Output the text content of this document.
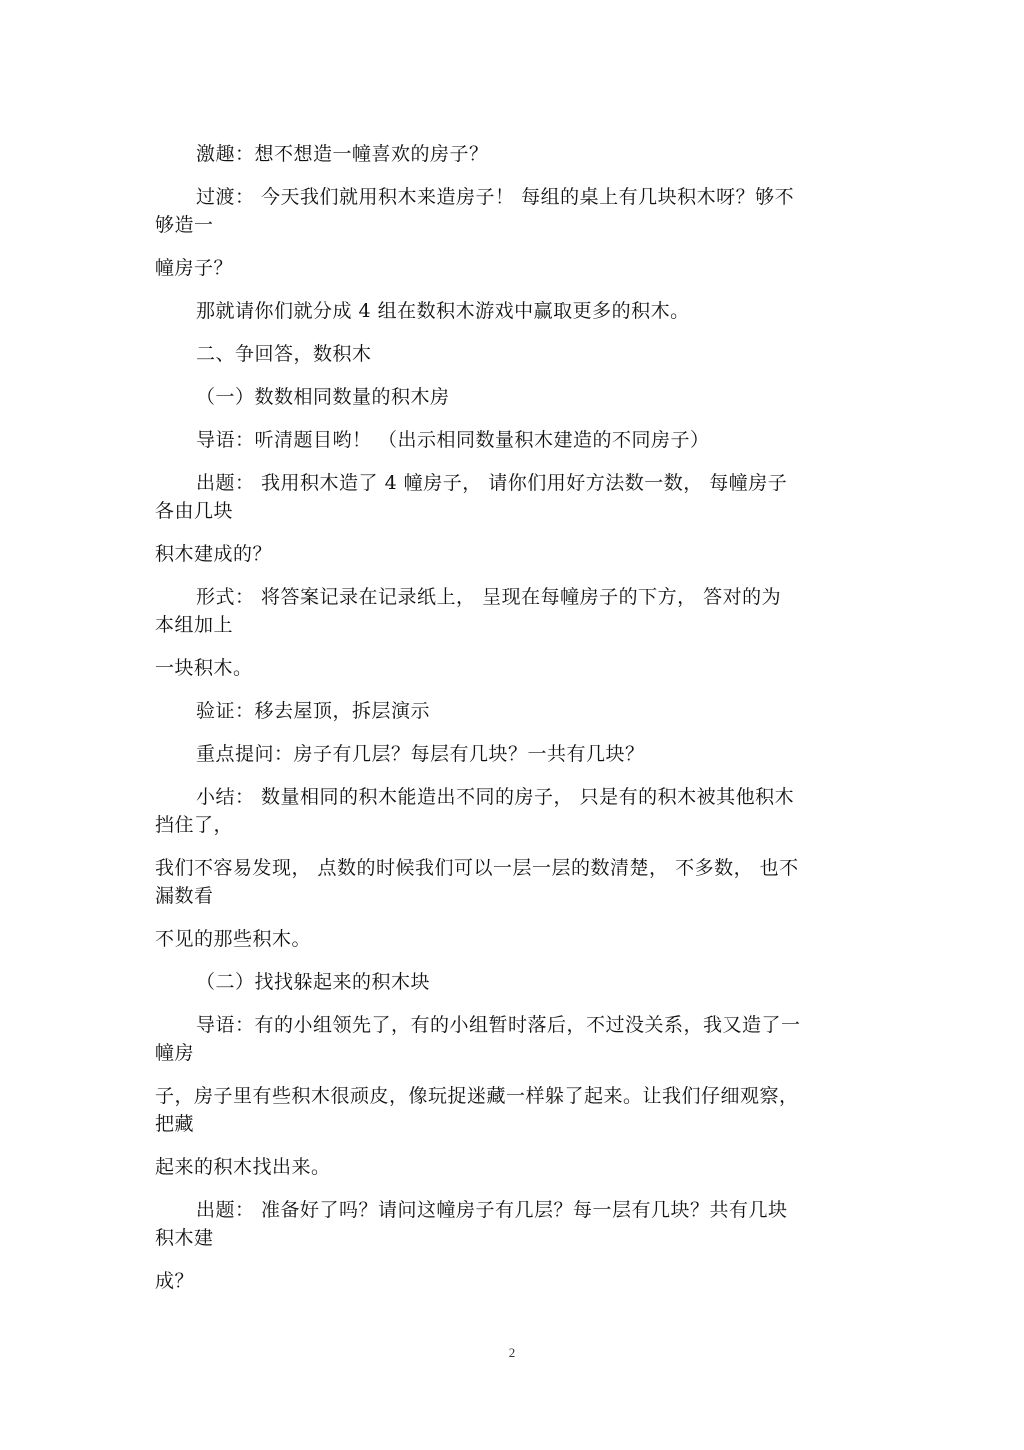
激趣：想不想造一幢喜欢的房子？
过渡： 今天我们就用积木来造房子！ 每组的桌上有几块积木呀？够不
够造一
幢房子？
那就请你们就分成 4 组在数积木游戏中赢取更多的积木。
二、争回答，数积木
（一）数数相同数量的积木房
导语：听清题目哟！ （出示相同数量积木建造的不同房子）
出题： 我用积木造了 4 幢房子， 请你们用好方法数一数， 每幢房子
各由几块
积木建成的？
形式： 将答案记录在记录纸上， 呈现在每幢房子的下方， 答对的为
本组加上
一块积木。
验证：移去屋顶，拆层演示
重点提问：房子有几层？每层有几块？一共有几块？
小结： 数量相同的积木能造出不同的房子， 只是有的积木被其他积木
挡住了，
我们不容易发现， 点数的时候我们可以一层一层的数清楚， 不多数， 也不
漏数看
不见的那些积木。
（二）找找躲起来的积木块
导语：有的小组领先了，有的小组暂时落后，不过没关系，我又造了一
幢房
子，房子里有些积木很顽皮，像玩捉迷藏一样躲了起来。让我们仔细观察，
把藏
起来的积木找出来。
出题： 准备好了吗？请问这幢房子有几层？每一层有几块？共有几块
积木建
成？
2
